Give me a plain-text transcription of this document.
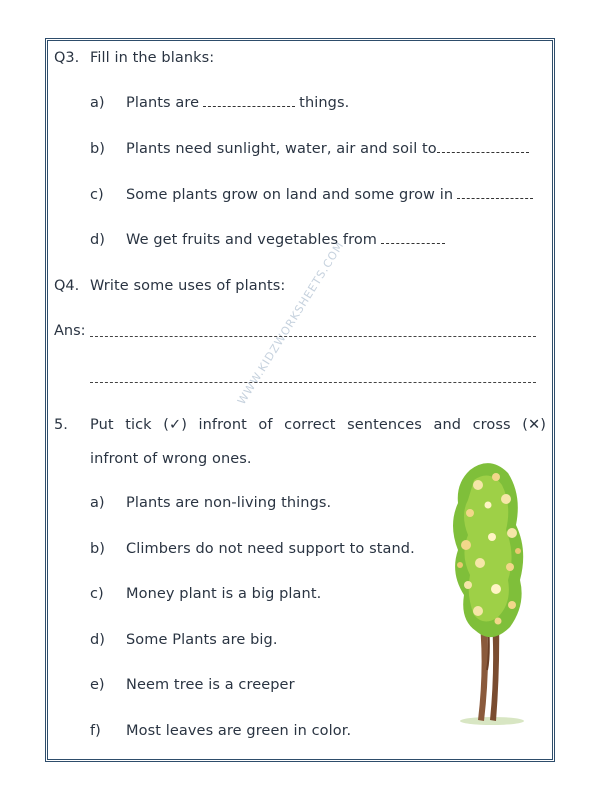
WWW.KIDZWORKSHEETS.COM
Q3. Fill in the blanks:
a) Plants are	things.
b) Plants need sunlight, water, air and soil to
c) Some plants grow on land and some grow in
d) We get fruits and vegetables from
Q4. Write some uses of plants:
Ans:
5. Put tick (✓) infront of correct sentences and cross (✕)
infront of wrong ones.
a) Plants are non-living things.
b) Climbers do not need support to stand.
c) Money plant is a big plant.
d) Some Plants are big.
e) Neem tree is a creeper
f) Most leaves are green in color.
